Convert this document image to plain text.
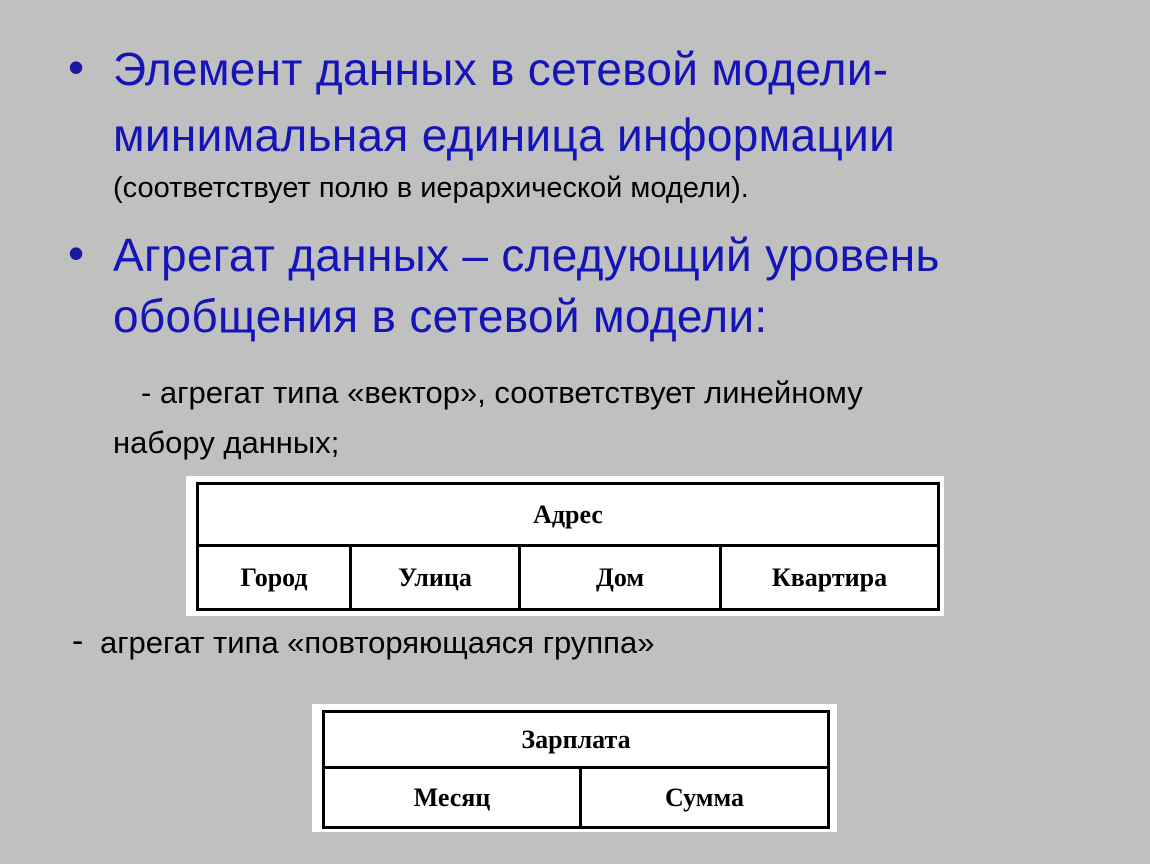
• Элемент данных в сетевой модели-
минимальная единица информации
(соответствует полю в иерархической модели).
• Агрегат данных – следующий уровень
обобщения в сетевой модели:
- агрегат типа «вектор», соответствует линейному
набору данных;
Адрес
Город	Улица	Дом	Квартира
- агрегат типа «повторяющаяся группа»
Зарплата
Месяц	Сумма
